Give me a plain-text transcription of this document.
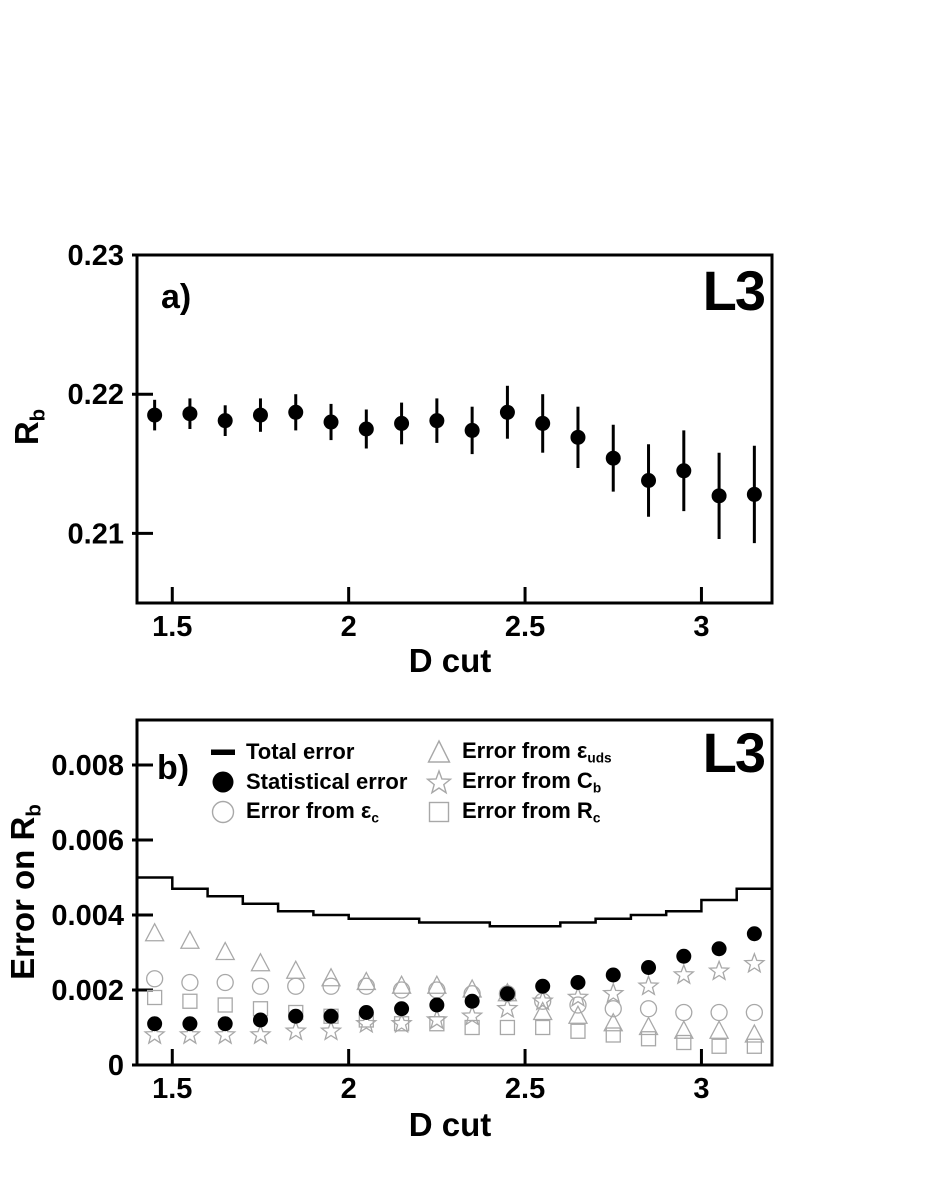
1.5	2	2.5	3
0.21
0.22
0.23
1.5	2	2.5	3
0
0.002
0.004
0.006
0.008
a)	L3
$R_b$
D cut
b)	L3
Error on $R_b$
D cut
Total error
Statistical error
Error from $\varepsilon_c$
Error from $\varepsilon_{uds}$
Error from $C_b$
Error from $R_c$
